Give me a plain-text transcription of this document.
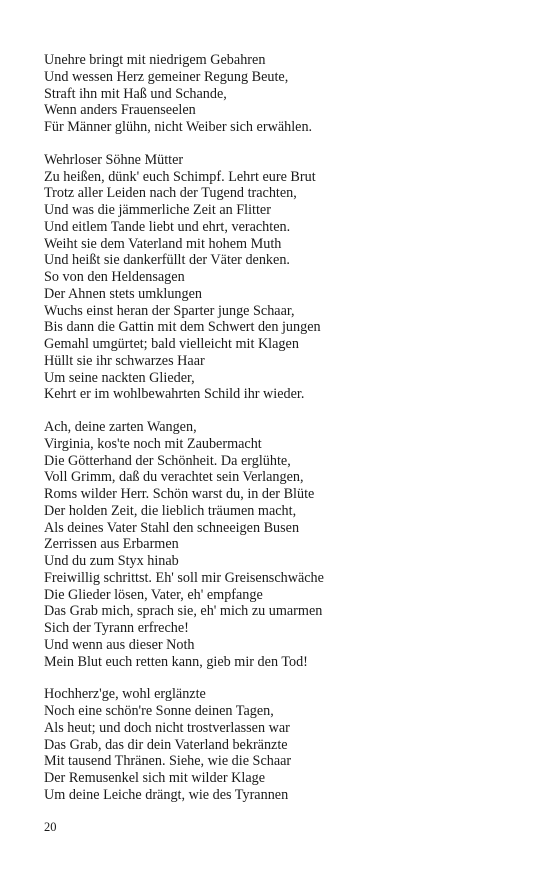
Unehre bringt mit niedrigem Gebahren
Und wessen Herz gemeiner Regung Beute,
Straft ihn mit Haß und Schande,
Wenn anders Frauenseelen
Für Männer glühn, nicht Weiber sich erwählen.
Wehrloser Söhne Mütter
Zu heißen, dünk' euch Schimpf. Lehrt eure Brut
Trotz aller Leiden nach der Tugend trachten,
Und was die jämmerliche Zeit an Flitter
Und eitlem Tande liebt und ehrt, verachten.
Weiht sie dem Vaterland mit hohem Muth
Und heißt sie dankerfüllt der Väter denken.
So von den Heldensagen
Der Ahnen stets umklungen
Wuchs einst heran der Sparter junge Schaar,
Bis dann die Gattin mit dem Schwert den jungen
Gemahl umgürtet; bald vielleicht mit Klagen
Hüllt sie ihr schwarzes Haar
Um seine nackten Glieder,
Kehrt er im wohlbewahrten Schild ihr wieder.
Ach, deine zarten Wangen,
Virginia, kos'te noch mit Zaubermacht
Die Götterhand der Schönheit. Da erglühte,
Voll Grimm, daß du verachtet sein Verlangen,
Roms wilder Herr. Schön warst du, in der Blüte
Der holden Zeit, die lieblich träumen macht,
Als deines Vater Stahl den schneeigen Busen
Zerrissen aus Erbarmen
Und du zum Styx hinab
Freiwillig schrittst. Eh' soll mir Greisenschwäche
Die Glieder lösen, Vater, eh' empfange
Das Grab mich, sprach sie, eh' mich zu umarmen
Sich der Tyrann erfreche!
Und wenn aus dieser Noth
Mein Blut euch retten kann, gieb mir den Tod!
Hochherz'ge, wohl erglänzte
Noch eine schön're Sonne deinen Tagen,
Als heut; und doch nicht trostverlassen war
Das Grab, das dir dein Vaterland bekränzte
Mit tausend Thränen. Siehe, wie die Schaar
Der Remusenkel sich mit wilder Klage
Um deine Leiche drängt, wie des Tyrannen
20
